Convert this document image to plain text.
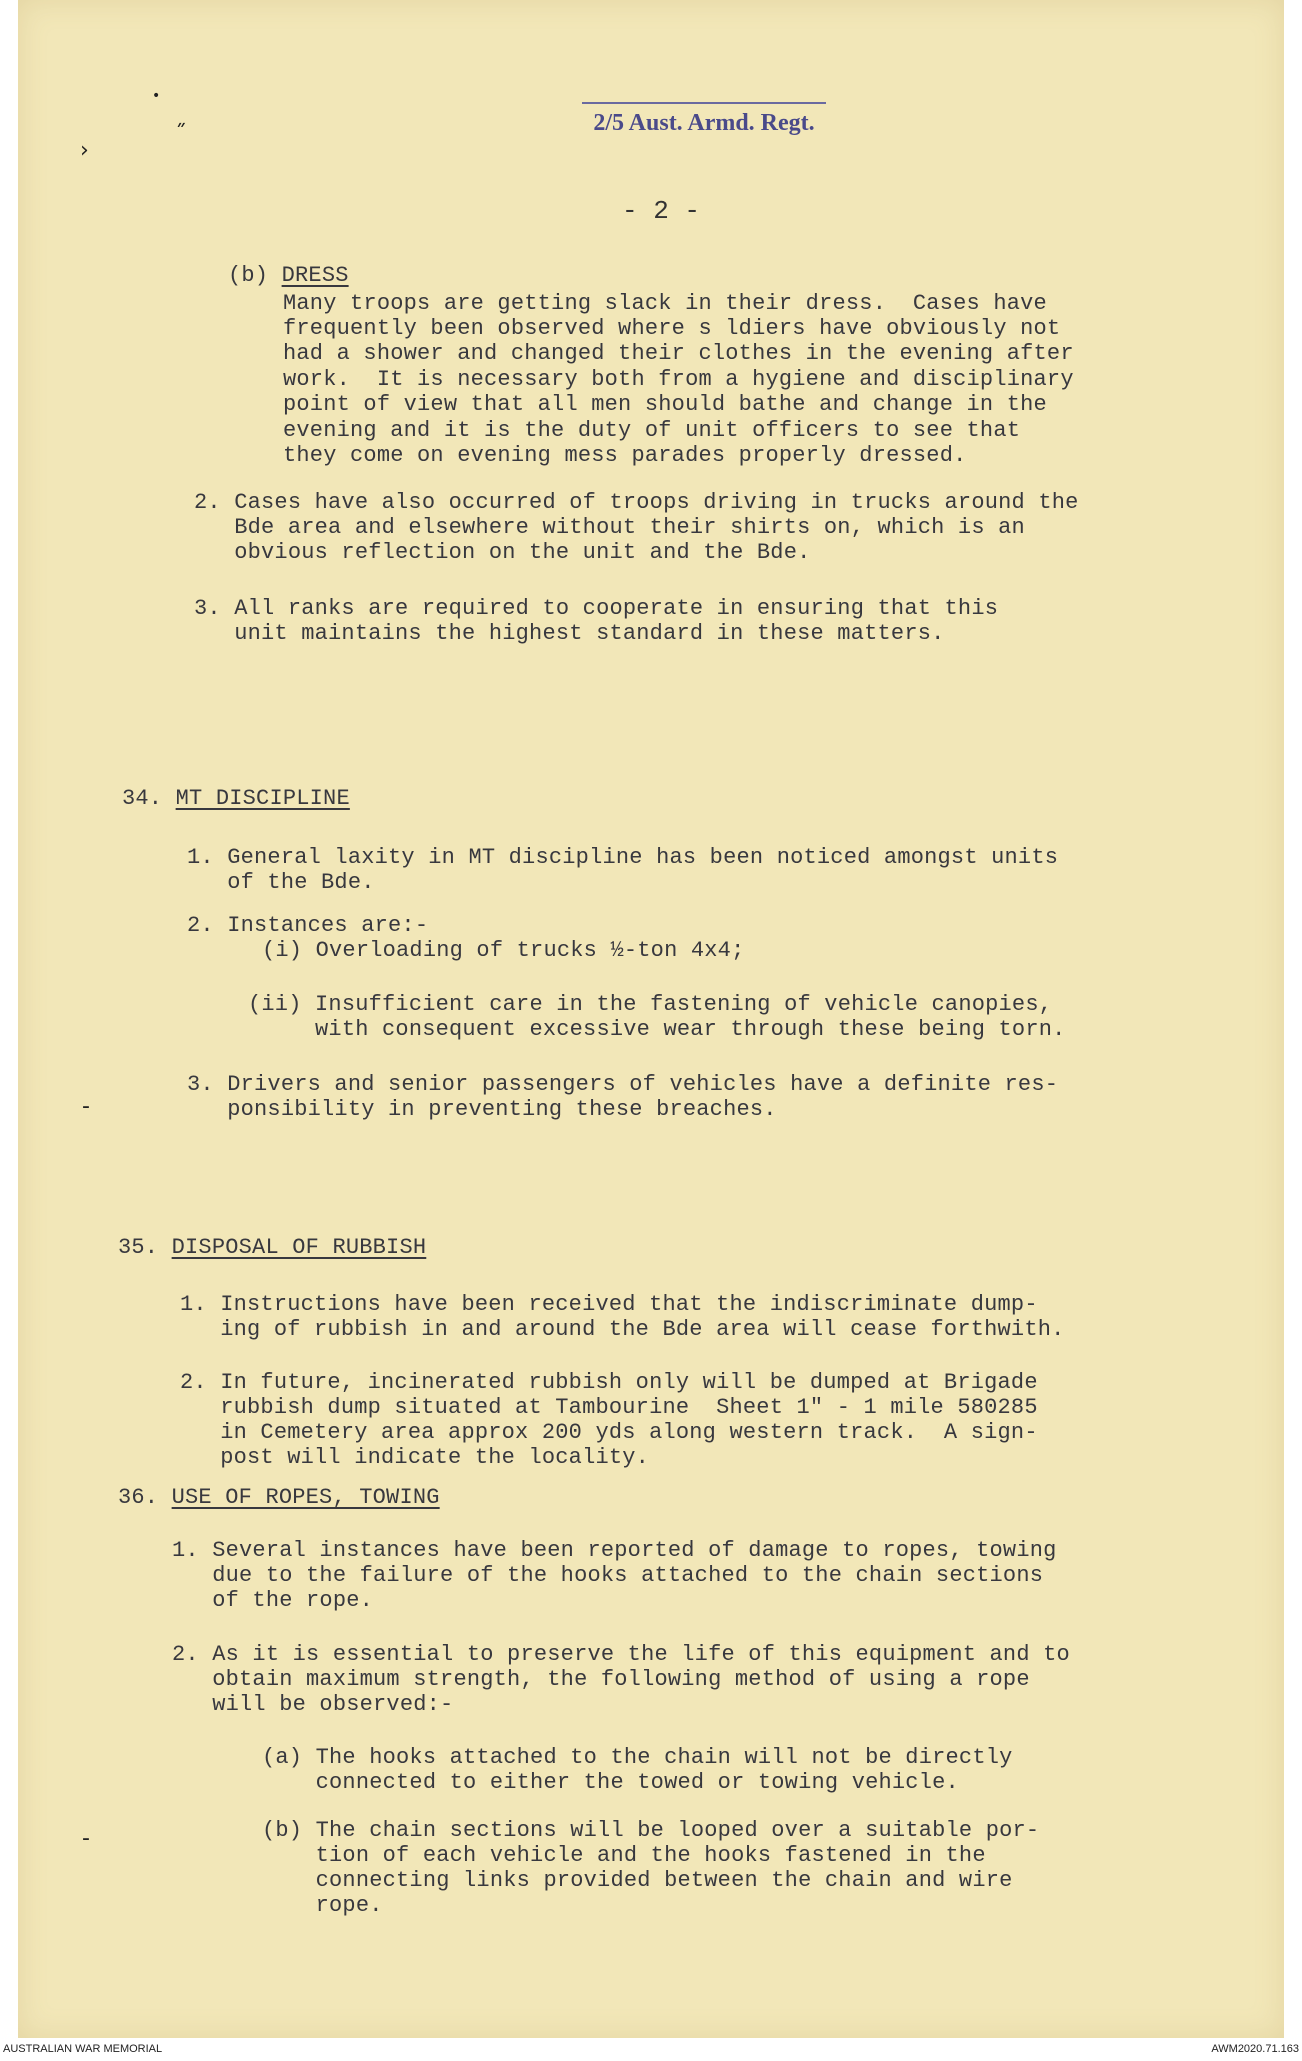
•
˝
›
2/5 Aust. Armd. Regt.
- 2 -
(b) DRESS
Many troops are getting slack in their dress.  Cases have
frequently been observed where s ldiers have obviously not
had a shower and changed their clothes in the evening after
work.  It is necessary both from a hygiene and disciplinary
point of view that all men should bathe and change in the
evening and it is the duty of unit officers to see that
they come on evening mess parades properly dressed.
2. Cases have also occurred of troops driving in trucks around the
Bde area and elsewhere without their shirts on, which is an
obvious reflection on the unit and the Bde.
3. All ranks are required to cooperate in ensuring that this
unit maintains the highest standard in these matters.
34. MT DISCIPLINE
1. General laxity in MT discipline has been noticed amongst units
of the Bde.
2. Instances are:-
(i) Overloading of trucks ½-ton 4x4;
(ii) Insufficient care in the fastening of vehicle canopies,
with consequent excessive wear through these being torn.
3. Drivers and senior passengers of vehicles have a definite res-
ponsibility in preventing these breaches.
-
35. DISPOSAL OF RUBBISH
1. Instructions have been received that the indiscriminate dump-
ing of rubbish in and around the Bde area will cease forthwith.
2. In future, incinerated rubbish only will be dumped at Brigade
rubbish dump situated at Tambourine  Sheet 1" - 1 mile 580285
in Cemetery area approx 200 yds along western track.  A sign-
post will indicate the locality.
36. USE OF ROPES, TOWING
1. Several instances have been reported of damage to ropes, towing
due to the failure of the hooks attached to the chain sections
of the rope.
2. As it is essential to preserve the life of this equipment and to
obtain maximum strength, the following method of using a rope
will be observed:-
(a) The hooks attached to the chain will not be directly
connected to either the towed or towing vehicle.
(b) The chain sections will be looped over a suitable por-
tion of each vehicle and the hooks fastened in the
connecting links provided between the chain and wire
rope.
-
AUSTRALIAN WAR MEMORIAL	AWM2020.71.163
